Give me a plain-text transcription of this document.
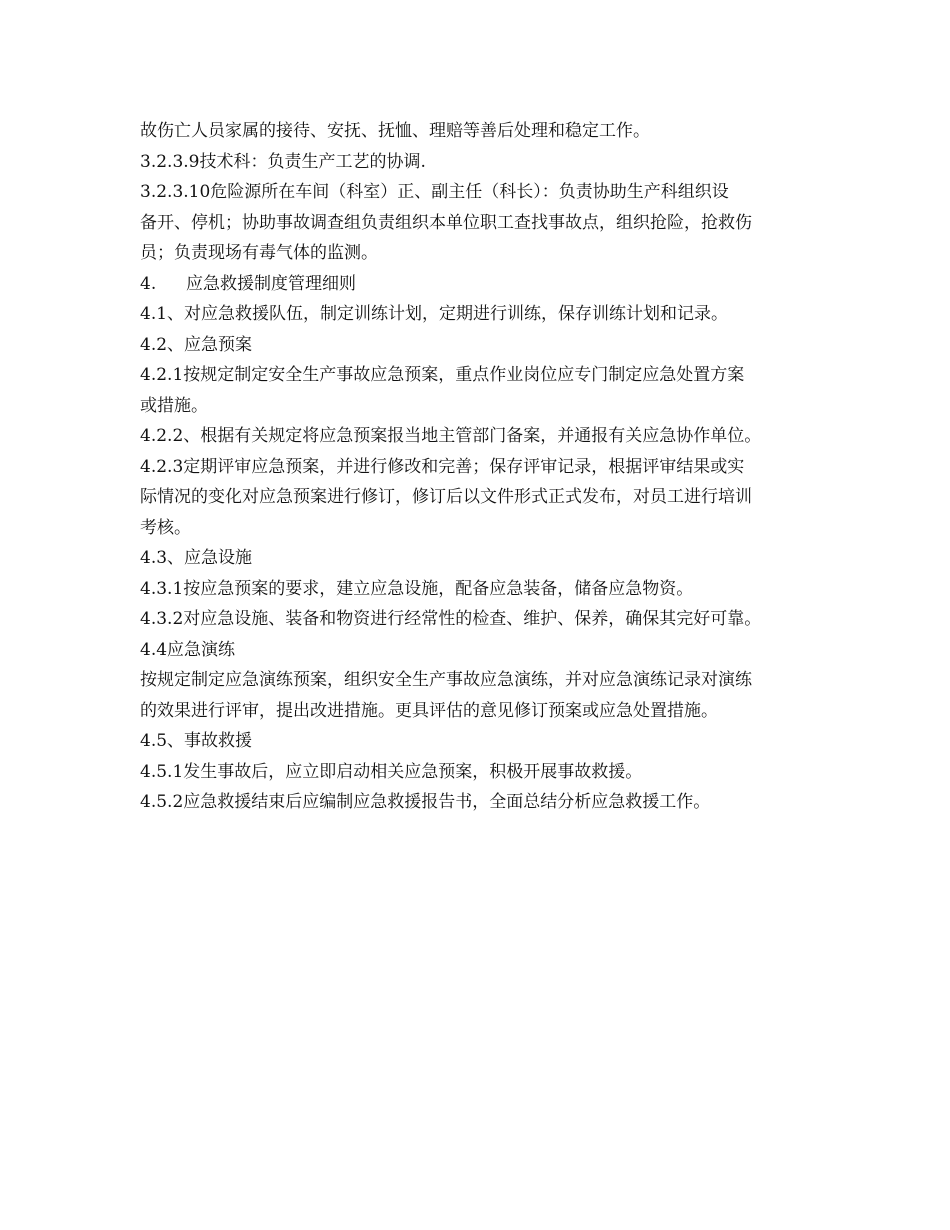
故伤亡人员家属的接待、安抚、抚恤、理赔等善后处理和稳定工作。
3.2.3.9技术科：负责生产工艺的协调.
3.2.3.10危险源所在车间（科室）正、副主任（科长）：负责协助生产科组织设
备开、停机；协助事故调查组负责组织本单位职工查找事故点，组织抢险，抢救伤
员；负责现场有毒气体的监测。
4. 应急救援制度管理细则
4.1、对应急救援队伍，制定训练计划，定期进行训练，保存训练计划和记录。
4.2、应急预案
4.2.1按规定制定安全生产事故应急预案，重点作业岗位应专门制定应急处置方案
或措施。
4.2.2、根据有关规定将应急预案报当地主管部门备案，并通报有关应急协作单位。
4.2.3定期评审应急预案，并进行修改和完善；保存评审记录，根据评审结果或实
际情况的变化对应急预案进行修订，修订后以文件形式正式发布，对员工进行培训
考核。
4.3、应急设施
4.3.1按应急预案的要求，建立应急设施，配备应急装备，储备应急物资。
4.3.2对应急设施、装备和物资进行经常性的检查、维护、保养，确保其完好可靠。
4.4应急演练
按规定制定应急演练预案，组织安全生产事故应急演练，并对应急演练记录对演练
的效果进行评审，提出改进措施。更具评估的意见修订预案或应急处置措施。
4.5、事故救援
4.5.1发生事故后，应立即启动相关应急预案，积极开展事故救援。
4.5.2应急救援结束后应编制应急救援报告书，全面总结分析应急救援工作。
